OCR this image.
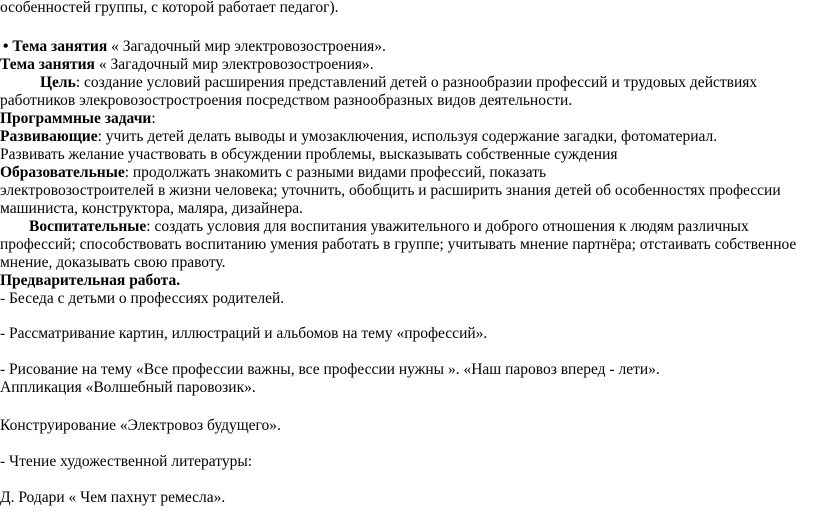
особенностей группы, с которой работает педагог).
• Тема занятия « Загадочный мир электровозостроения».
Тема занятия « Загадочный мир электровозостроения».
Цель: создание условий расширения представлений детей о разнообразии профессий и трудовых действиях
работников элекровозостростроения посредством разнообразных видов деятельности.
Программные задачи:
Развивающие: учить детей делать выводы и умозаключения, используя содержание загадки, фотоматериал.
Развивать желание участвовать в обсуждении проблемы, высказывать собственные суждения
Образовательные: продолжать знакомить с разными видами профессий, показать
электровозостроителей в жизни человека; уточнить, обобщить и расширить знания детей об особенностях профессии
машиниста, конструктора, маляра, дизайнера.
Воспитательные: создать условия для воспитания уважительного и доброго отношения к людям различных
профессий; способствовать воспитанию умения работать в группе; учитывать мнение партнёра; отстаивать собственное
мнение, доказывать свою правоту.
Предварительная работа.
- Беседа с детьми о профессиях родителей.
- Рассматривание картин, иллюстраций и альбомов на тему «профессий».
- Рисование на тему «Все профессии важны, все профессии нужны ». «Наш паровоз вперед - лети».
Аппликация «Волшебный паровозик».
Конструирование «Электровоз будущего».
- Чтение художественной литературы:
Д. Родари « Чем пахнут ремесла».
